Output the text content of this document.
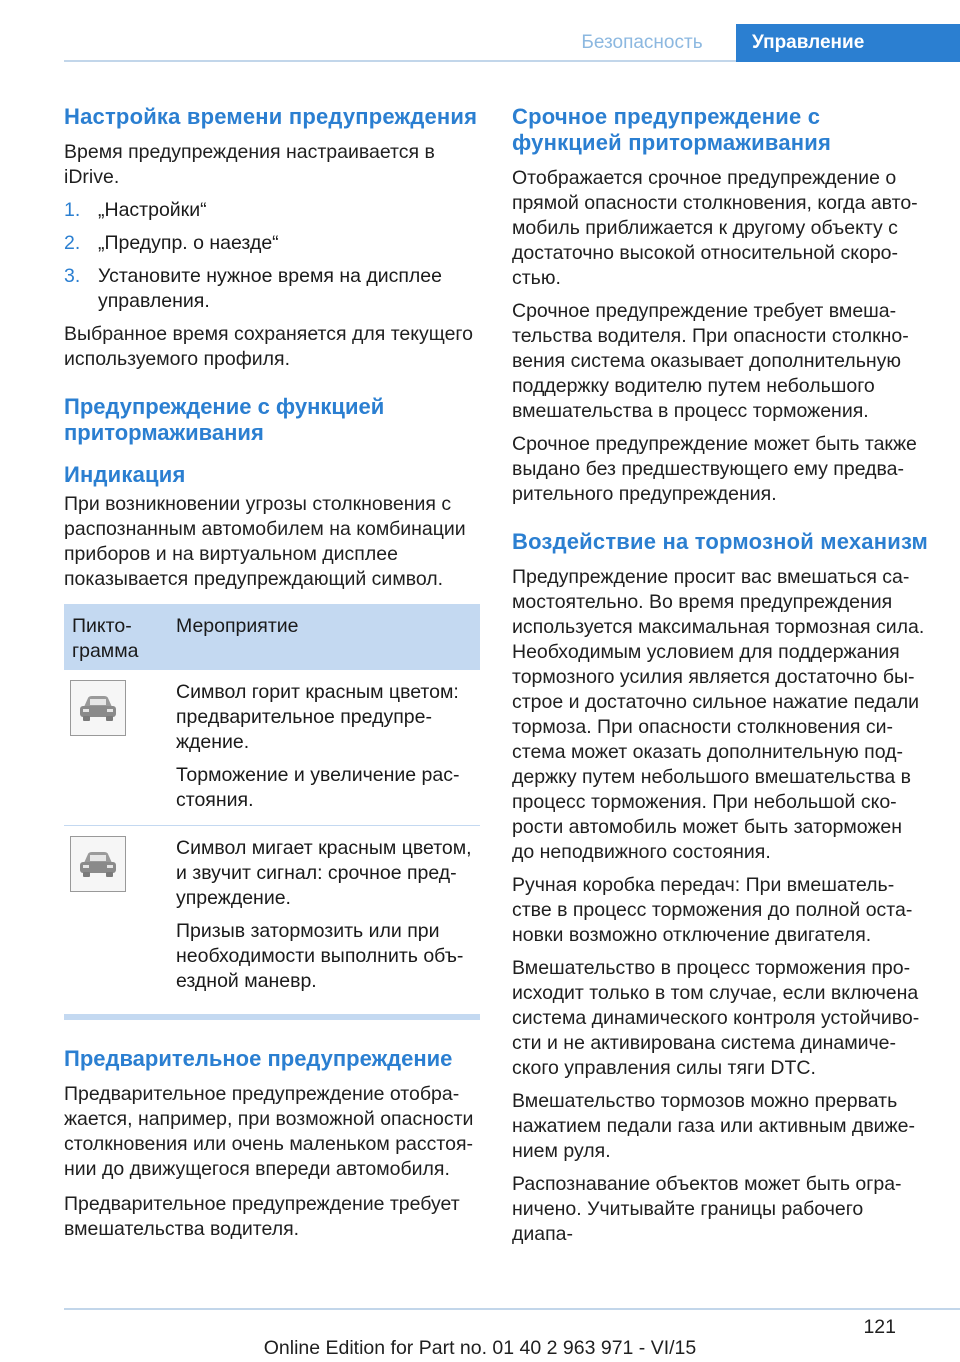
Безопасность	Управление
Настройка времени предупреждения
Время предупреждения настраивается в iDrive.
1. „Настройки“
2. „Предупр. о наезде“
3. Установите нужное время на дисплее управления.
Выбранное время сохраняется для текущего используемого профиля.
Предупреждение с функцией притормаживания
Индикация
При возникновении угрозы столкновения с распознанным автомобилем на комбинации приборов и на виртуальном дисплее показывается предупреждающий символ.
Пикто-грамма
Мероприятие
Символ горит красным цветом: предварительное предупре-ждение.
Торможение и увеличение рас-стояния.
Символ мигает красным цветом, и звучит сигнал: срочное пред-упреждение.
Призыв затормозить или при необходимости выполнить объ-ездной маневр.
Предварительное предупреждение
Предварительное предупреждение отобра-жается, например, при возможной опасности столкновения или очень маленьком расстоя-нии до движущегося впереди автомобиля.
Предварительное предупреждение требует вмешательства водителя.
Срочное предупреждение с функцией притормаживания
Отображается срочное предупреждение о прямой опасности столкновения, когда авто-мобиль приближается к другому объекту с достаточно высокой относительной скоро-стью.
Срочное предупреждение требует вмеша-тельства водителя. При опасности столкно-вения система оказывает дополнительную поддержку водителю путем небольшого вмешательства в процесс торможения.
Срочное предупреждение может быть также выдано без предшествующего ему предва-рительного предупреждения.
Воздействие на тормозной механизм
Предупреждение просит вас вмешаться са-мостоятельно. Во время предупреждения используется максимальная тормозная сила. Необходимым условием для поддержания тормозного усилия является достаточно бы-строе и достаточно сильное нажатие педали тормоза. При опасности столкновения си-стема может оказать дополнительную под-держку путем небольшого вмешательства в процесс торможения. При небольшой ско-рости автомобиль может быть заторможен до неподвижного состояния.
Ручная коробка передач: При вмешатель-стве в процесс торможения до полной оста-новки возможно отключение двигателя.
Вмешательство в процесс торможения про-исходит только в том случае, если включена система динамического контроля устойчиво-сти и не активирована система динамиче-ского управления силы тяги DTC.
Вмешательство тормозов можно прервать нажатием педали газа или активным движе-нием руля.
Распознавание объектов может быть огра-ничено. Учитывайте границы рабочего диапа-
121
Online Edition for Part no. 01 40 2 963 971 - VI/15
